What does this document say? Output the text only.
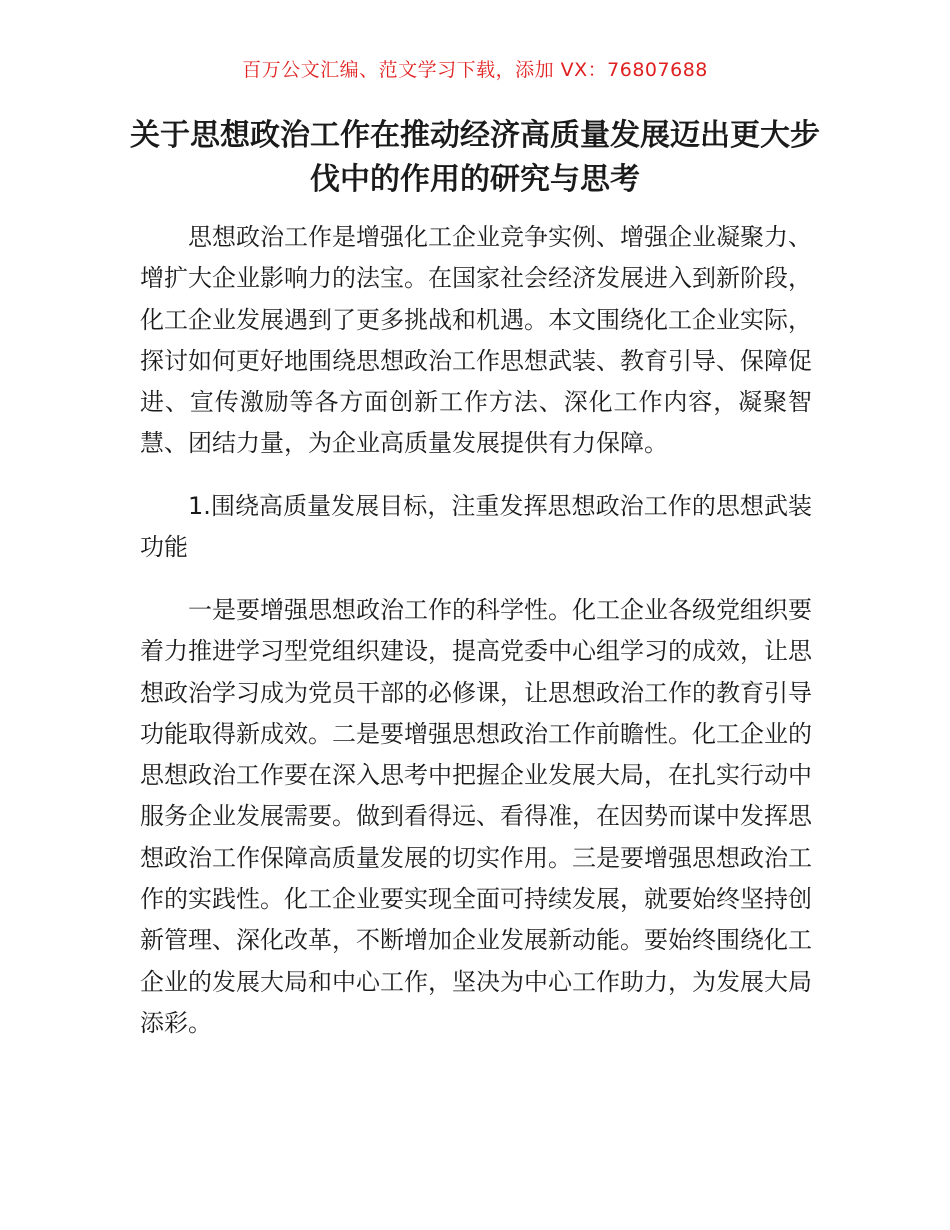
百万公文汇编、范文学习下载，添加 VX：76807688
关于思想政治工作在推动经济高质量发展迈出更大步伐中的作用的研究与思考

思想政治工作是增强化工企业竞争实例、增强企业凝聚力、增扩大企业影响力的法宝。在国家社会经济发展进入到新阶段，化工企业发展遇到了更多挑战和机遇。本文围绕化工企业实际，探讨如何更好地围绕思想政治工作思想武装、教育引导、保障促进、宣传激励等各方面创新工作方法、深化工作内容，凝聚智慧、团结力量，为企业高质量发展提供有力保障。

1.围绕高质量发展目标，注重发挥思想政治工作的思想武装功能

一是要增强思想政治工作的科学性。化工企业各级党组织要着力推进学习型党组织建设，提高党委中心组学习的成效，让思想政治学习成为党员干部的必修课，让思想政治工作的教育引导功能取得新成效。二是要增强思想政治工作前瞻性。化工企业的思想政治工作要在深入思考中把握企业发展大局，在扎实行动中服务企业发展需要。做到看得远、看得准，在因势而谋中发挥思想政治工作保障高质量发展的切实作用。三是要增强思想政治工作的实践性。化工企业要实现全面可持续发展，就要始终坚持创新管理、深化改革，不断增加企业发展新动能。要始终围绕化工企业的发展大局和中心工作，坚决为中心工作助力，为发展大局添彩。
